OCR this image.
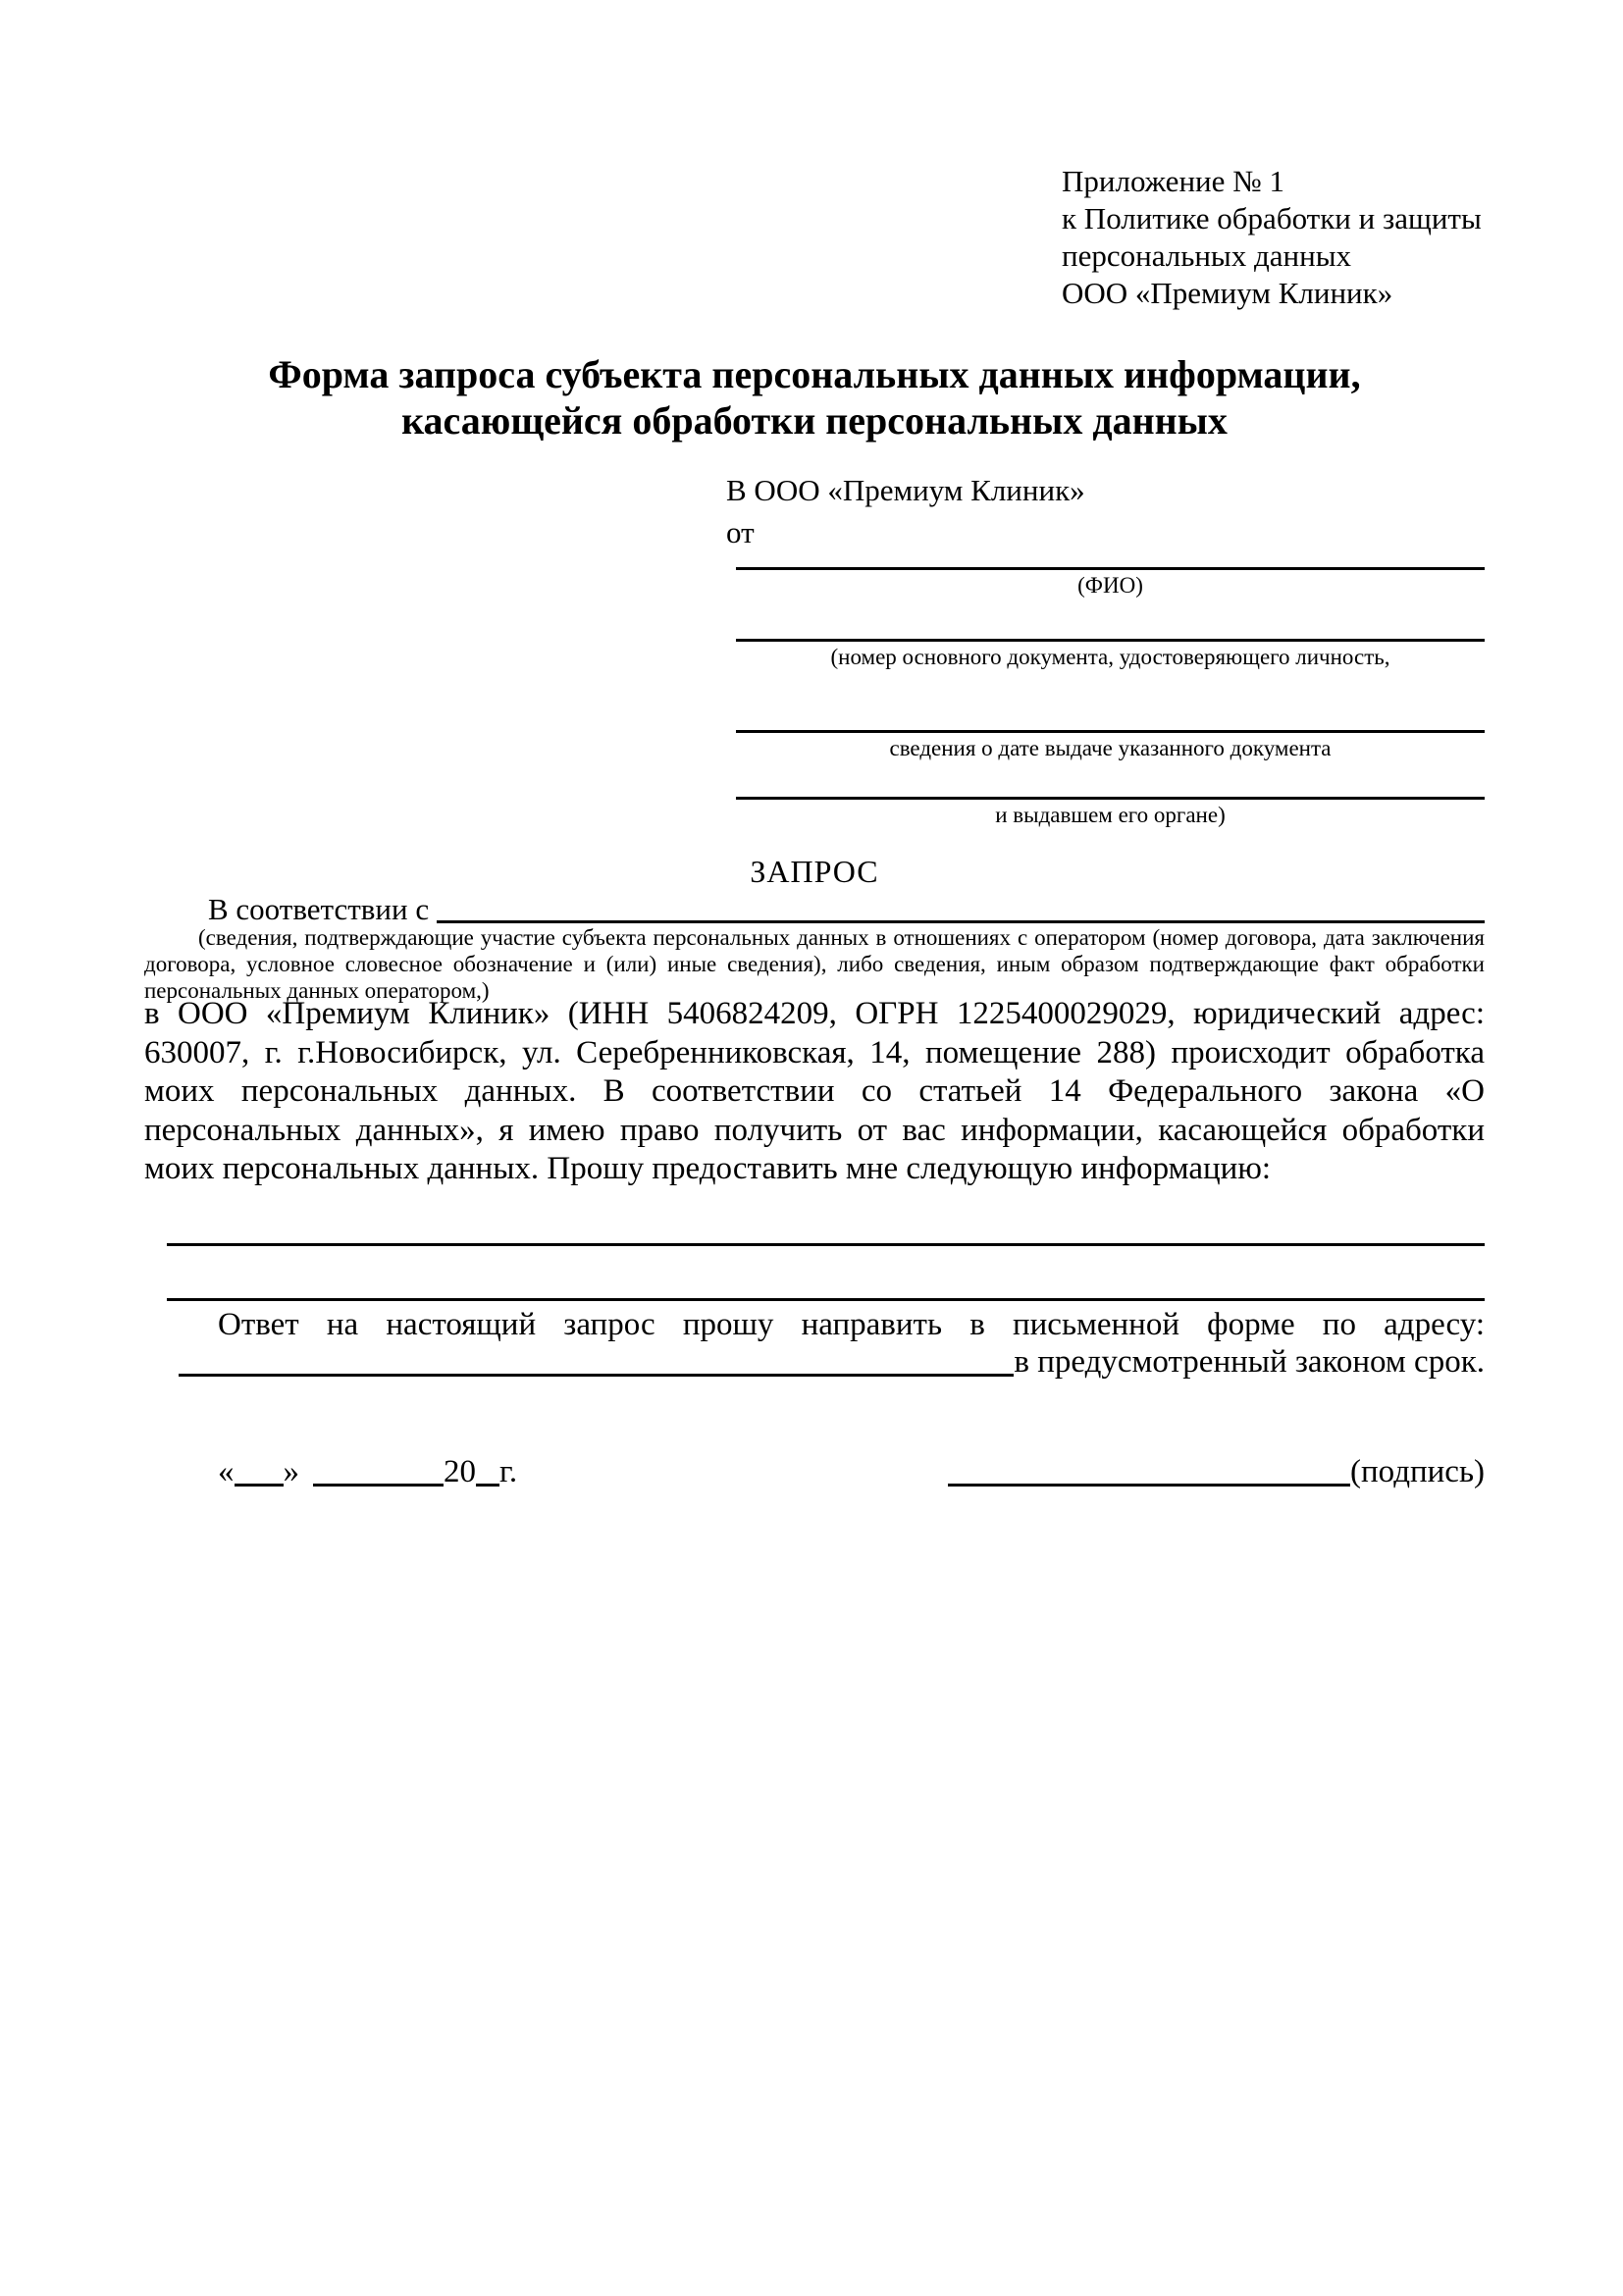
Приложение № 1
к Политике обработки и защиты
персональных данных
ООО «Премиум Клиник»
Форма запроса субъекта персональных данных информации,
касающейся обработки персональных данных
В ООО «Премиум Клиник»
от
(ФИО)
(номер основного документа, удостоверяющего личность,
сведения о дате выдаче указанного документа
и выдавшем его органе)
ЗАПРОС
В соответствии с
(сведения, подтверждающие участие субъекта персональных данных в отношениях с оператором (номер договора, дата заключения договора, условное словесное обозначение и (или) иные сведения), либо сведения, иным образом подтверждающие факт обработки персональных данных оператором,)
в ООО «Премиум Клиник» (ИНН 5406824209, ОГРН 1225400029029, юридический адрес: 630007, г. г.Новосибирск, ул. Серебренниковская, 14, помещение 288) происходит обработка моих персональных данных. В соответствии со статьей 14 Федерального закона «О персональных данных», я имею право получить от вас информации, касающейся обработки моих персональных данных. Прошу предоставить мне следующую информацию:
Ответ на настоящий запрос прошу направить в письменной форме по адресу:
в предусмотренный законом срок.
« »	20 г.	(подпись)
